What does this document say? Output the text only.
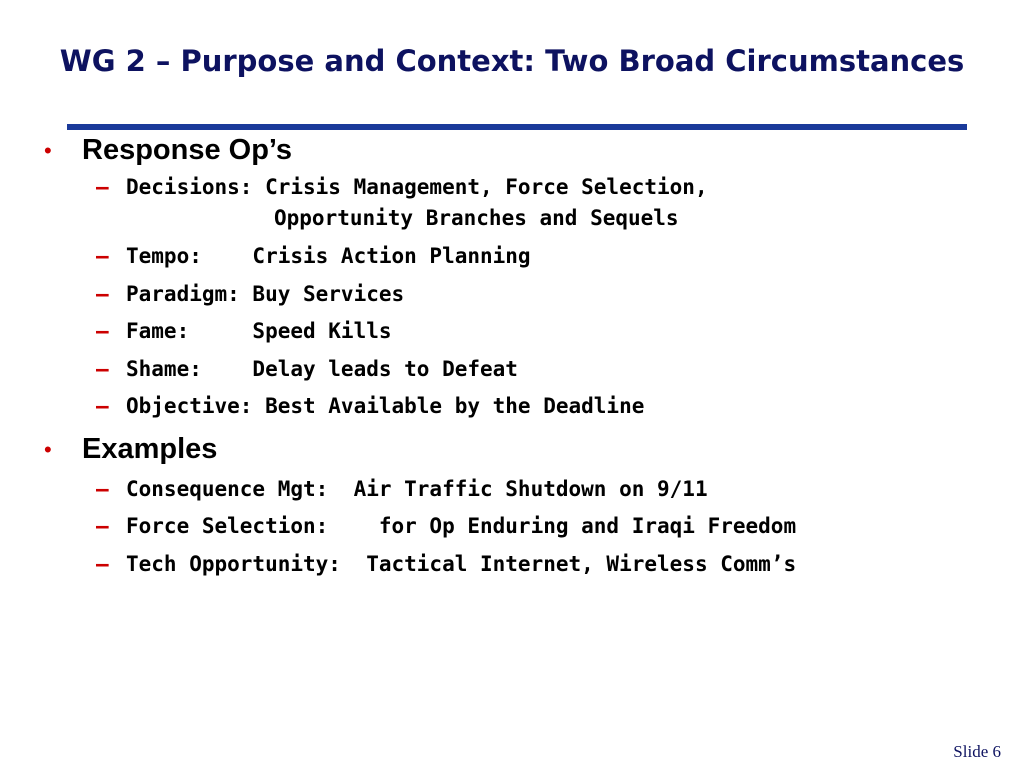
WG 2 – Purpose and Context: Two Broad Circumstances
• Response Op’s
– Decisions: Crisis Management, Force Selection,
Opportunity Branches and Sequels
– Tempo:    Crisis Action Planning
– Paradigm: Buy Services
– Fame:     Speed Kills
– Shame:    Delay leads to Defeat
– Objective: Best Available by the Deadline
• Examples
– Consequence Mgt:  Air Traffic Shutdown on 9/11
– Force Selection:    for Op Enduring and Iraqi Freedom
– Tech Opportunity:  Tactical Internet, Wireless Comm’s
Slide 6
